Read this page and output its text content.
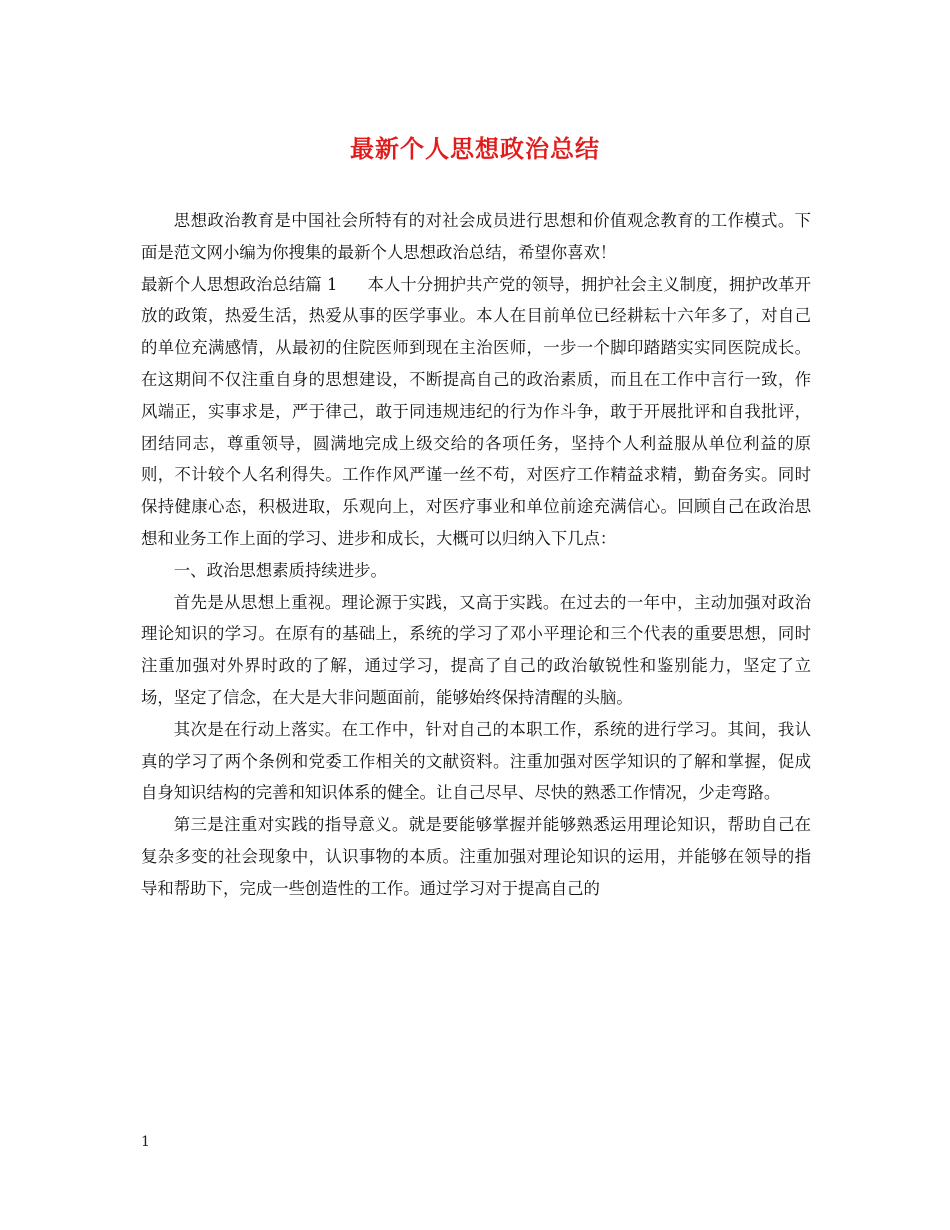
最新个人思想政治总结

思想政治教育是中国社会所特有的对社会成员进行思想和价值观念教育的工作模式。下面是范文网小编为你搜集的最新个人思想政治总结，希望你喜欢！

最新个人思想政治总结篇 1 本人十分拥护共产党的领导，拥护社会主义制度，拥护改革开放的政策，热爱生活，热爱从事的医学事业。本人在目前单位已经耕耘十六年多了，对自己的单位充满感情，从最初的住院医师到现在主治医师，一步一个脚印踏踏实实同医院成长。在这期间不仅注重自身的思想建设，不断提高自己的政治素质，而且在工作中言行一致，作风端正，实事求是，严于律己，敢于同违规违纪的行为作斗争，敢于开展批评和自我批评，团结同志，尊重领导，圆满地完成上级交给的各项任务，坚持个人利益服从单位利益的原则，不计较个人名利得失。工作作风严谨一丝不苟，对医疗工作精益求精，勤奋务实。同时保持健康心态，积极进取，乐观向上，对医疗事业和单位前途充满信心。回顾自己在政治思想和业务工作上面的学习、进步和成长，大概可以归纳入下几点：

一、政治思想素质持续进步。

首先是从思想上重视。理论源于实践，又高于实践。在过去的一年中，主动加强对政治理论知识的学习。在原有的基础上，系统的学习了邓小平理论和三个代表的重要思想，同时注重加强对外界时政的了解，通过学习，提高了自己的政治敏锐性和鉴别能力，坚定了立场，坚定了信念，在大是大非问题面前，能够始终保持清醒的头脑。

其次是在行动上落实。在工作中，针对自己的本职工作，系统的进行学习。其间，我认真的学习了两个条例和党委工作相关的文献资料。注重加强对医学知识的了解和掌握，促成自身知识结构的完善和知识体系的健全。让自己尽早、尽快的熟悉工作情况，少走弯路。

第三是注重对实践的指导意义。就是要能够掌握并能够熟悉运用理论知识，帮助自己在复杂多变的社会现象中，认识事物的本质。注重加强对理论知识的运用，并能够在领导的指导和帮助下，完成一些创造性的工作。通过学习对于提高自己的

1
